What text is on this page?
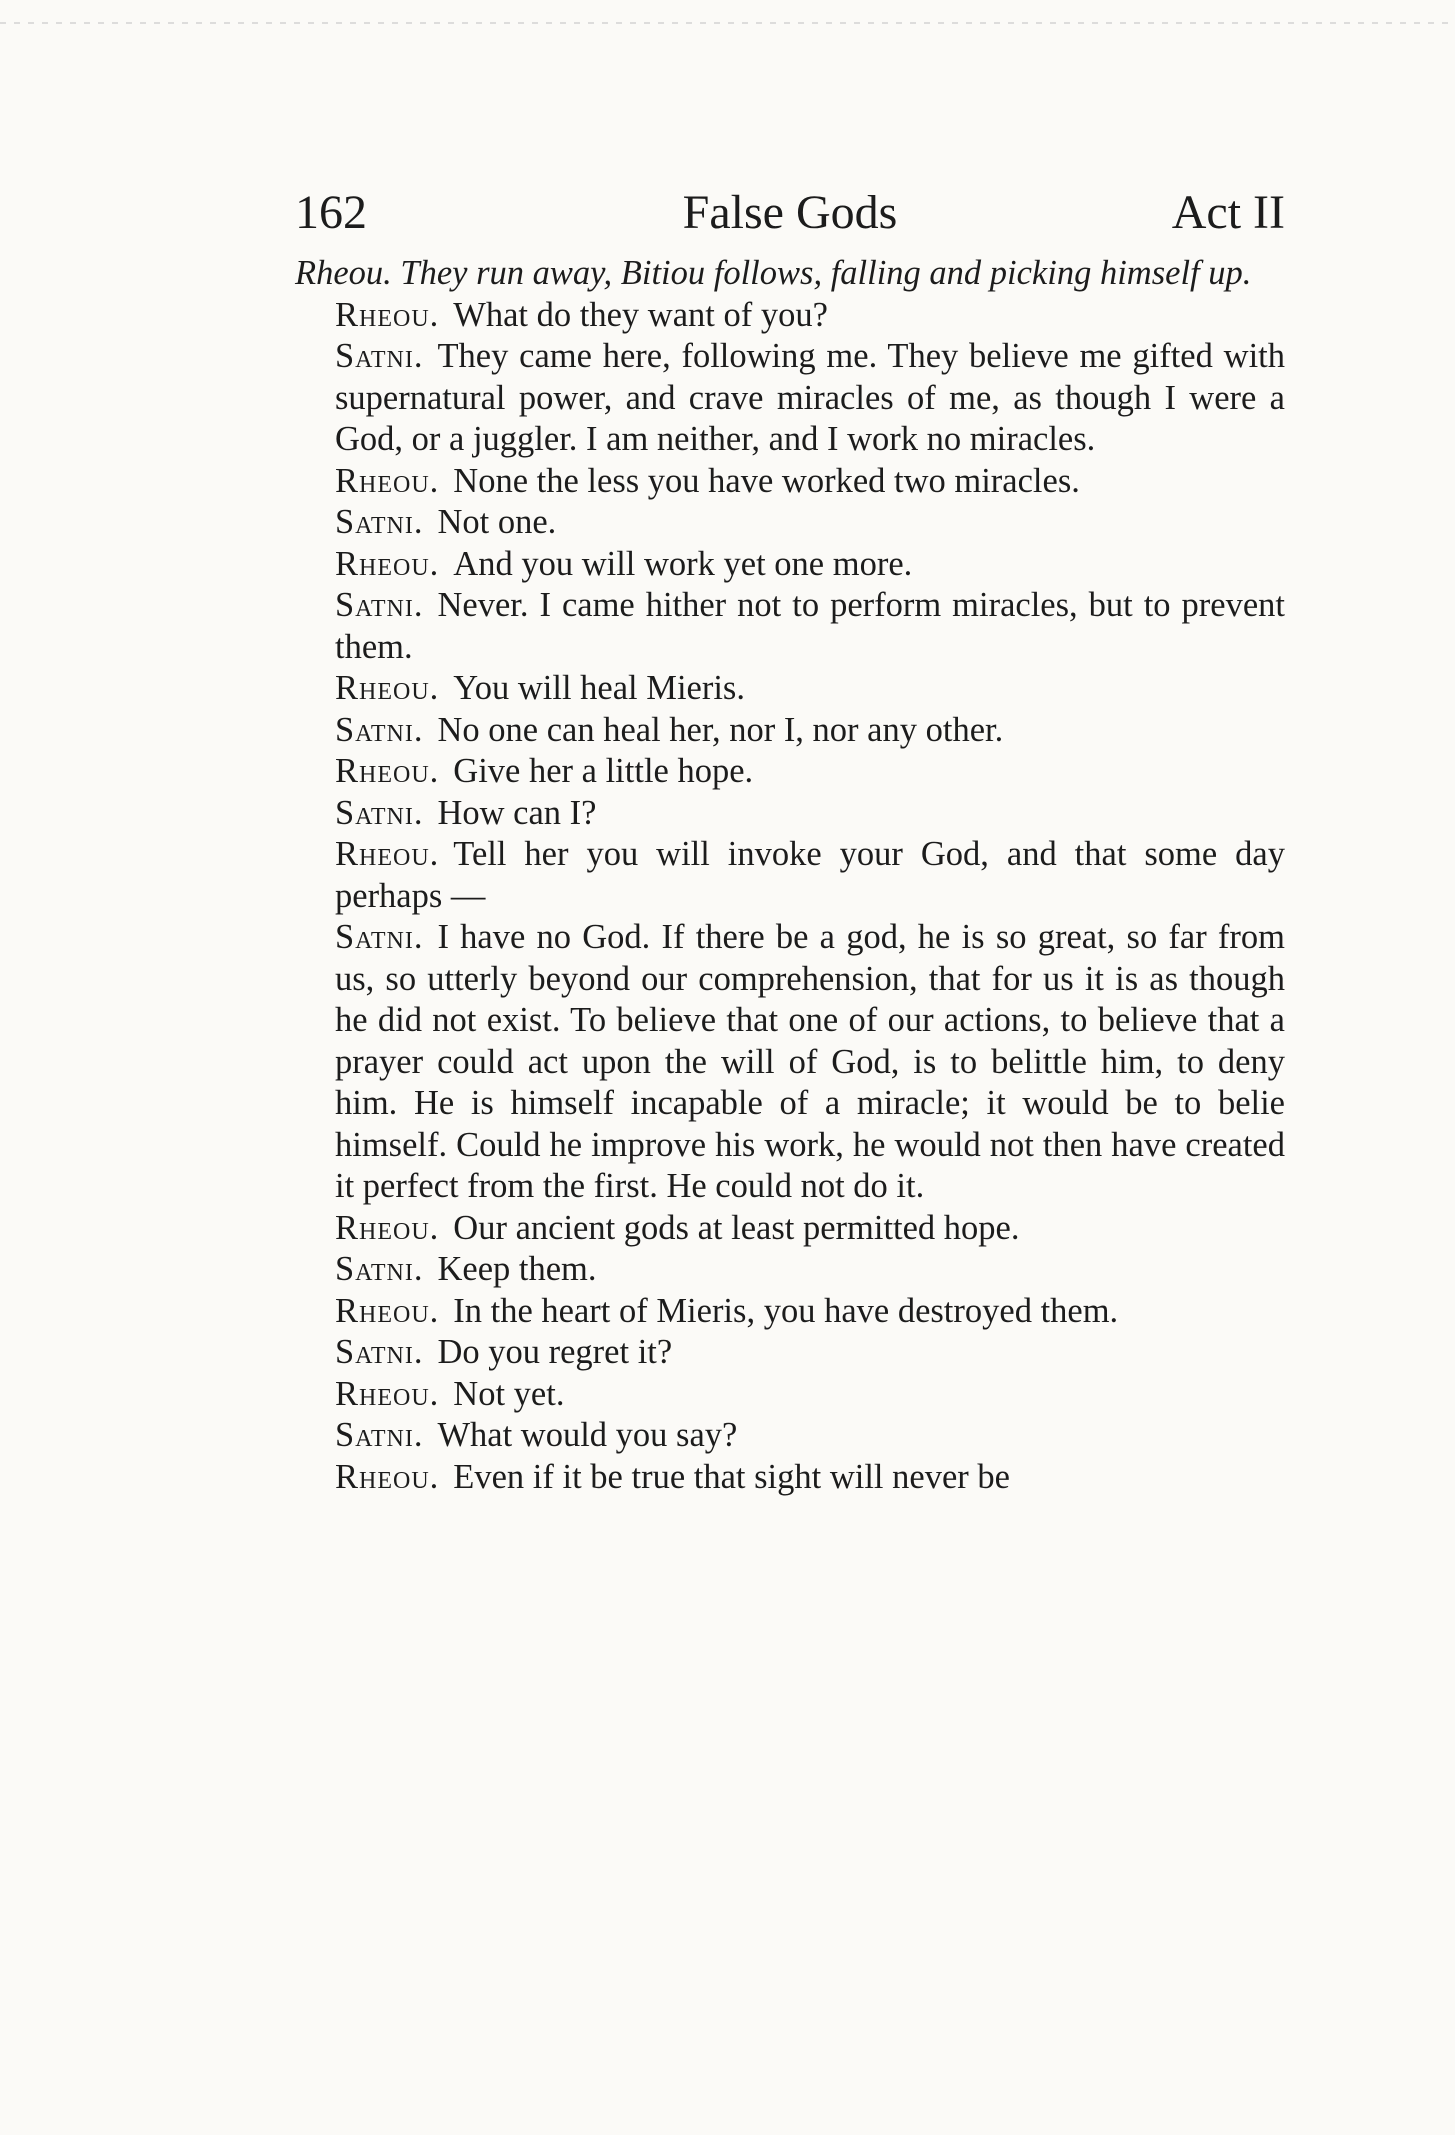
162	False Gods	Act II

Rheou. They run away, Bitiou follows, falling and picking himself up.

Rheou. What do they want of you?

Satni. They came here, following me. They believe me gifted with supernatural power, and crave miracles of me, as though I were a God, or a juggler. I am neither, and I work no miracles.

Rheou. None the less you have worked two miracles.

Satni. Not one.

Rheou. And you will work yet one more.

Satni. Never. I came hither not to perform miracles, but to prevent them.

Rheou. You will heal Mieris.

Satni. No one can heal her, nor I, nor any other.

Rheou. Give her a little hope.

Satni. How can I?

Rheou. Tell her you will invoke your God, and that some day perhaps —

Satni. I have no God. If there be a god, he is so great, so far from us, so utterly beyond our comprehension, that for us it is as though he did not exist. To believe that one of our actions, to believe that a prayer could act upon the will of God, is to belittle him, to deny him. He is himself incapable of a miracle; it would be to belie himself. Could he improve his work, he would not then have created it perfect from the first. He could not do it.

Rheou. Our ancient gods at least permitted hope.

Satni. Keep them.

Rheou. In the heart of Mieris, you have destroyed them.

Satni. Do you regret it?

Rheou. Not yet.

Satni. What would you say?

Rheou. Even if it be true that sight will never be
